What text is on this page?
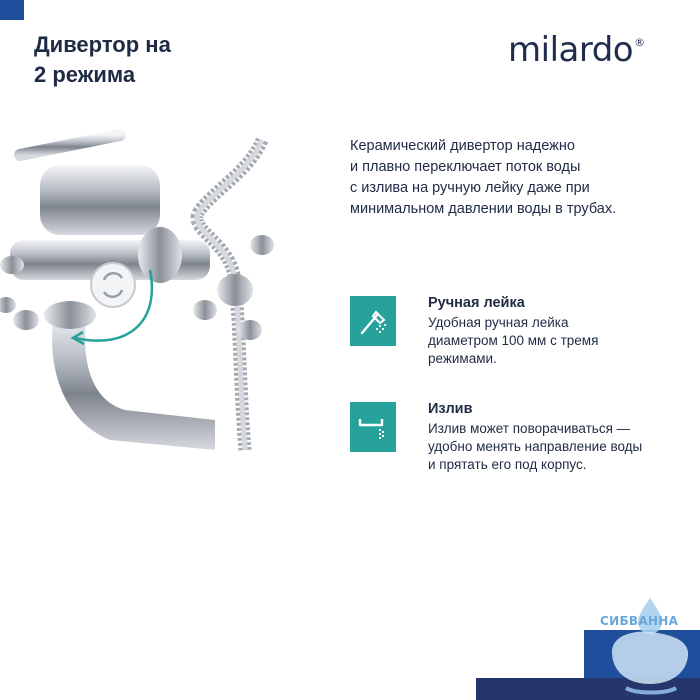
Дивертор на
2 режима
milardo®
Керамический дивертор надежно
и плавно переключает поток воды
с излива на ручную лейку даже при
минимальном давлении воды в трубах.

Ручная лейка

Удобная ручная лейка
диаметром 100 мм с тремя
режимами.

Излив

Излив может поворачиваться —
удобно менять направление воды
и прятать его под корпус.
СИБВАННА
